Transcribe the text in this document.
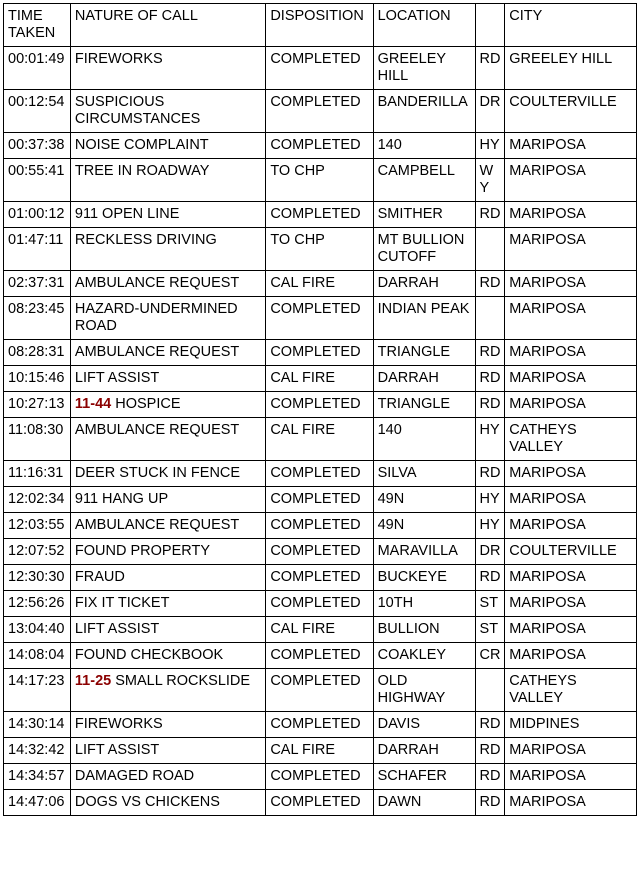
TIME TAKEN	NATURE OF CALL	DISPOSITION	LOCATION		CITY
00:01:49	FIREWORKS	COMPLETED	GREELEY HILL	RD	GREELEY HILL
00:12:54	SUSPICIOUS CIRCUMSTANCES	COMPLETED	BANDERILLA	DR	COULTERVILLE
00:37:38	NOISE COMPLAINT	COMPLETED	140	HY	MARIPOSA
00:55:41	TREE IN ROADWAY	TO CHP	CAMPBELL	WY	MARIPOSA
01:00:12	911 OPEN LINE	COMPLETED	SMITHER	RD	MARIPOSA
01:47:11	RECKLESS DRIVING	TO CHP	MT BULLION CUTOFF		MARIPOSA
02:37:31	AMBULANCE REQUEST	CAL FIRE	DARRAH	RD	MARIPOSA
08:23:45	HAZARD-UNDERMINED ROAD	COMPLETED	INDIAN PEAK		MARIPOSA
08:28:31	AMBULANCE REQUEST	COMPLETED	TRIANGLE	RD	MARIPOSA
10:15:46	LIFT ASSIST	CAL FIRE	DARRAH	RD	MARIPOSA
10:27:13	11-44 HOSPICE	COMPLETED	TRIANGLE	RD	MARIPOSA
11:08:30	AMBULANCE REQUEST	CAL FIRE	140	HY	CATHEYS VALLEY
11:16:31	DEER STUCK IN FENCE	COMPLETED	SILVA	RD	MARIPOSA
12:02:34	911 HANG UP	COMPLETED	49N	HY	MARIPOSA
12:03:55	AMBULANCE REQUEST	COMPLETED	49N	HY	MARIPOSA
12:07:52	FOUND PROPERTY	COMPLETED	MARAVILLA	DR	COULTERVILLE
12:30:30	FRAUD	COMPLETED	BUCKEYE	RD	MARIPOSA
12:56:26	FIX IT TICKET	COMPLETED	10TH	ST	MARIPOSA
13:04:40	LIFT ASSIST	CAL FIRE	BULLION	ST	MARIPOSA
14:08:04	FOUND CHECKBOOK	COMPLETED	COAKLEY	CR	MARIPOSA
14:17:23	11-25 SMALL ROCKSLIDE	COMPLETED	OLD HIGHWAY		CATHEYS VALLEY
14:30:14	FIREWORKS	COMPLETED	DAVIS	RD	MIDPINES
14:32:42	LIFT ASSIST	CAL FIRE	DARRAH	RD	MARIPOSA
14:34:57	DAMAGED ROAD	COMPLETED	SCHAFER	RD	MARIPOSA
14:47:06	DOGS VS CHICKENS	COMPLETED	DAWN	RD	MARIPOSA
